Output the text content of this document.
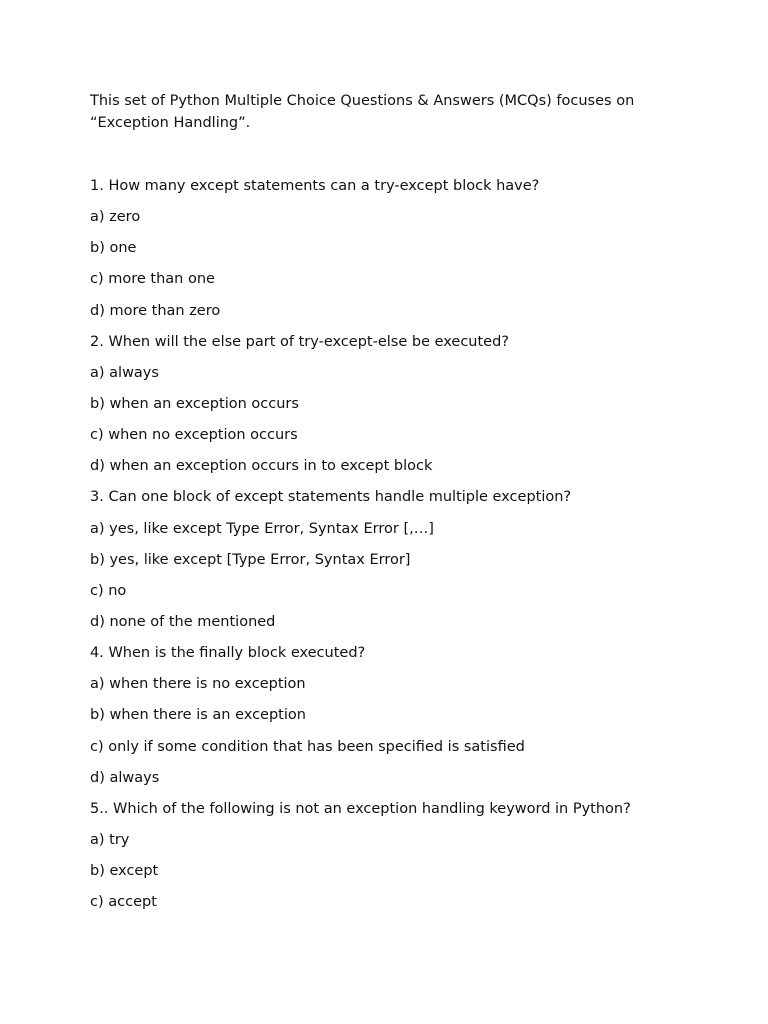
This set of Python Multiple Choice Questions & Answers (MCQs) focuses on “Exception Handling”.

1. How many except statements can a try-except block have?
a) zero
b) one
c) more than one
d) more than zero
2. When will the else part of try-except-else be executed?
a) always
b) when an exception occurs
c) when no exception occurs
d) when an exception occurs in to except block
3. Can one block of except statements handle multiple exception?
a) yes, like except Type Error, Syntax Error [,…]
b) yes, like except [Type Error, Syntax Error]
c) no
d) none of the mentioned
4. When is the finally block executed?
a) when there is no exception
b) when there is an exception
c) only if some condition that has been specified is satisfied
d) always
5.. Which of the following is not an exception handling keyword in Python?
a) try
b) except
c) accept
